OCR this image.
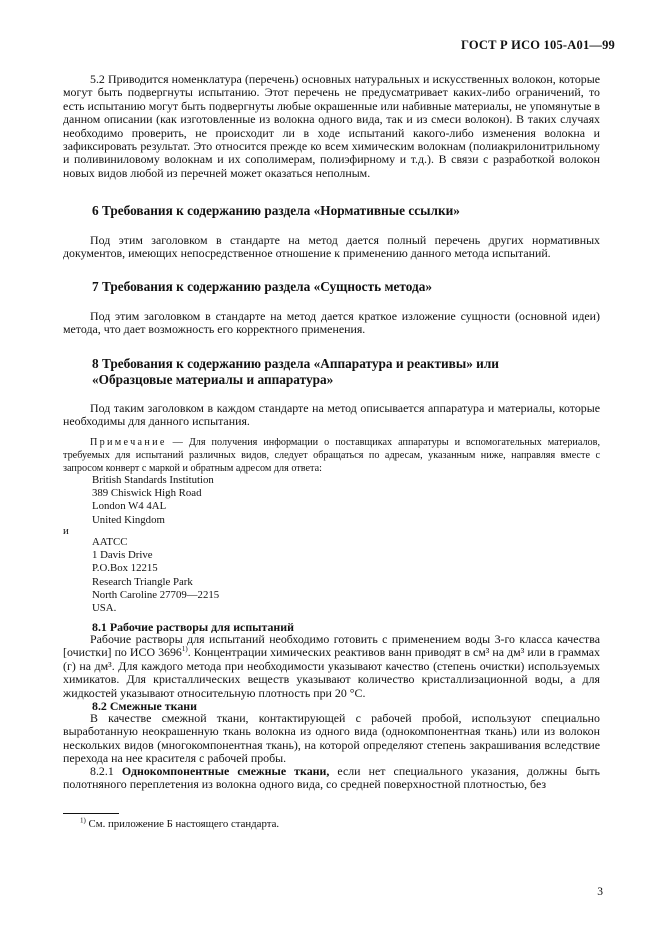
ГОСТ Р ИСО 105-А01—99
5.2 Приводится номенклатура (перечень) основных натуральных и искусственных волокон, которые могут быть подвергнуты испытанию. Этот перечень не предусматривает каких-либо ограничений, то есть испытанию могут быть подвергнуты любые окрашенные или набивные материалы, не упомянутые в данном описании (как изготовленные из волокна одного вида, так и из смеси волокон). В таких случаях необходимо проверить, не происходит ли в ходе испытаний какого-либо изменения волокна и зафиксировать результат. Это относится прежде ко всем химическим волокнам (полиакрилонитрильному и поливиниловому волокнам и их сополимерам, полиэфирному и т.д.). В связи с разработкой волокон новых видов любой из перечней может оказаться неполным.
6 Требования к содержанию раздела «Нормативные ссылки»
Под этим заголовком в стандарте на метод дается полный перечень других нормативных документов, имеющих непосредственное отношение к применению данного метода испытаний.
7 Требования к содержанию раздела «Сущность метода»
Под этим заголовком в стандарте на метод дается краткое изложение сущности (основной идеи) метода, что дает возможность его корректного применения.
8 Требования к содержанию раздела «Аппаратура и реактивы» или
«Образцовые материалы и аппаратура»
Под таким заголовком в каждом стандарте на метод описывается аппаратура и материалы, которые необходимы для данного испытания.
Примечание — Для получения информации о поставщиках аппаратуры и вспомогательных материалов, требуемых для испытаний различных видов, следует обращаться по адресам, указанным ниже, направляя вместе с запросом конверт с маркой и обратным адресом для ответа:
British Standards Institution
389 Chiswick High Road
London W4 4AL
United Kingdom
и
AATCC
1 Davis Drive
P.O.Box 12215
Research Triangle Park
North Caroline 27709—2215
USA.
8.1 Рабочие растворы для испытаний
Рабочие растворы для испытаний необходимо готовить с применением воды 3-го класса качества [очистки] по ИСО 3696$^{1)}$. Концентрации химических реактивов ванн приводят в см³ на дм³ или в граммах (г) на дм³. Для каждого метода при необходимости указывают качество (степень очистки) используемых химикатов. Для кристаллических веществ указывают количество кристаллизационной воды, а для жидкостей указывают относительную плотность при 20 °С.
8.2 Смежные ткани
В качестве смежной ткани, контактирующей с рабочей пробой, используют специально выработанную неокрашенную ткань волокна из одного вида (однокомпонентная ткань) или из волокон нескольких видов (многокомпонентная ткань), на которой определяют степень закрашивания вследствие перехода на нее красителя с рабочей пробы.
8.2.1 Однокомпонентные смежные ткани, если нет специального указания, должны быть полотняного переплетения из волокна одного вида, со средней поверхностной плотностью, без
$^{1)}$ См. приложение Б настоящего стандарта.
3
